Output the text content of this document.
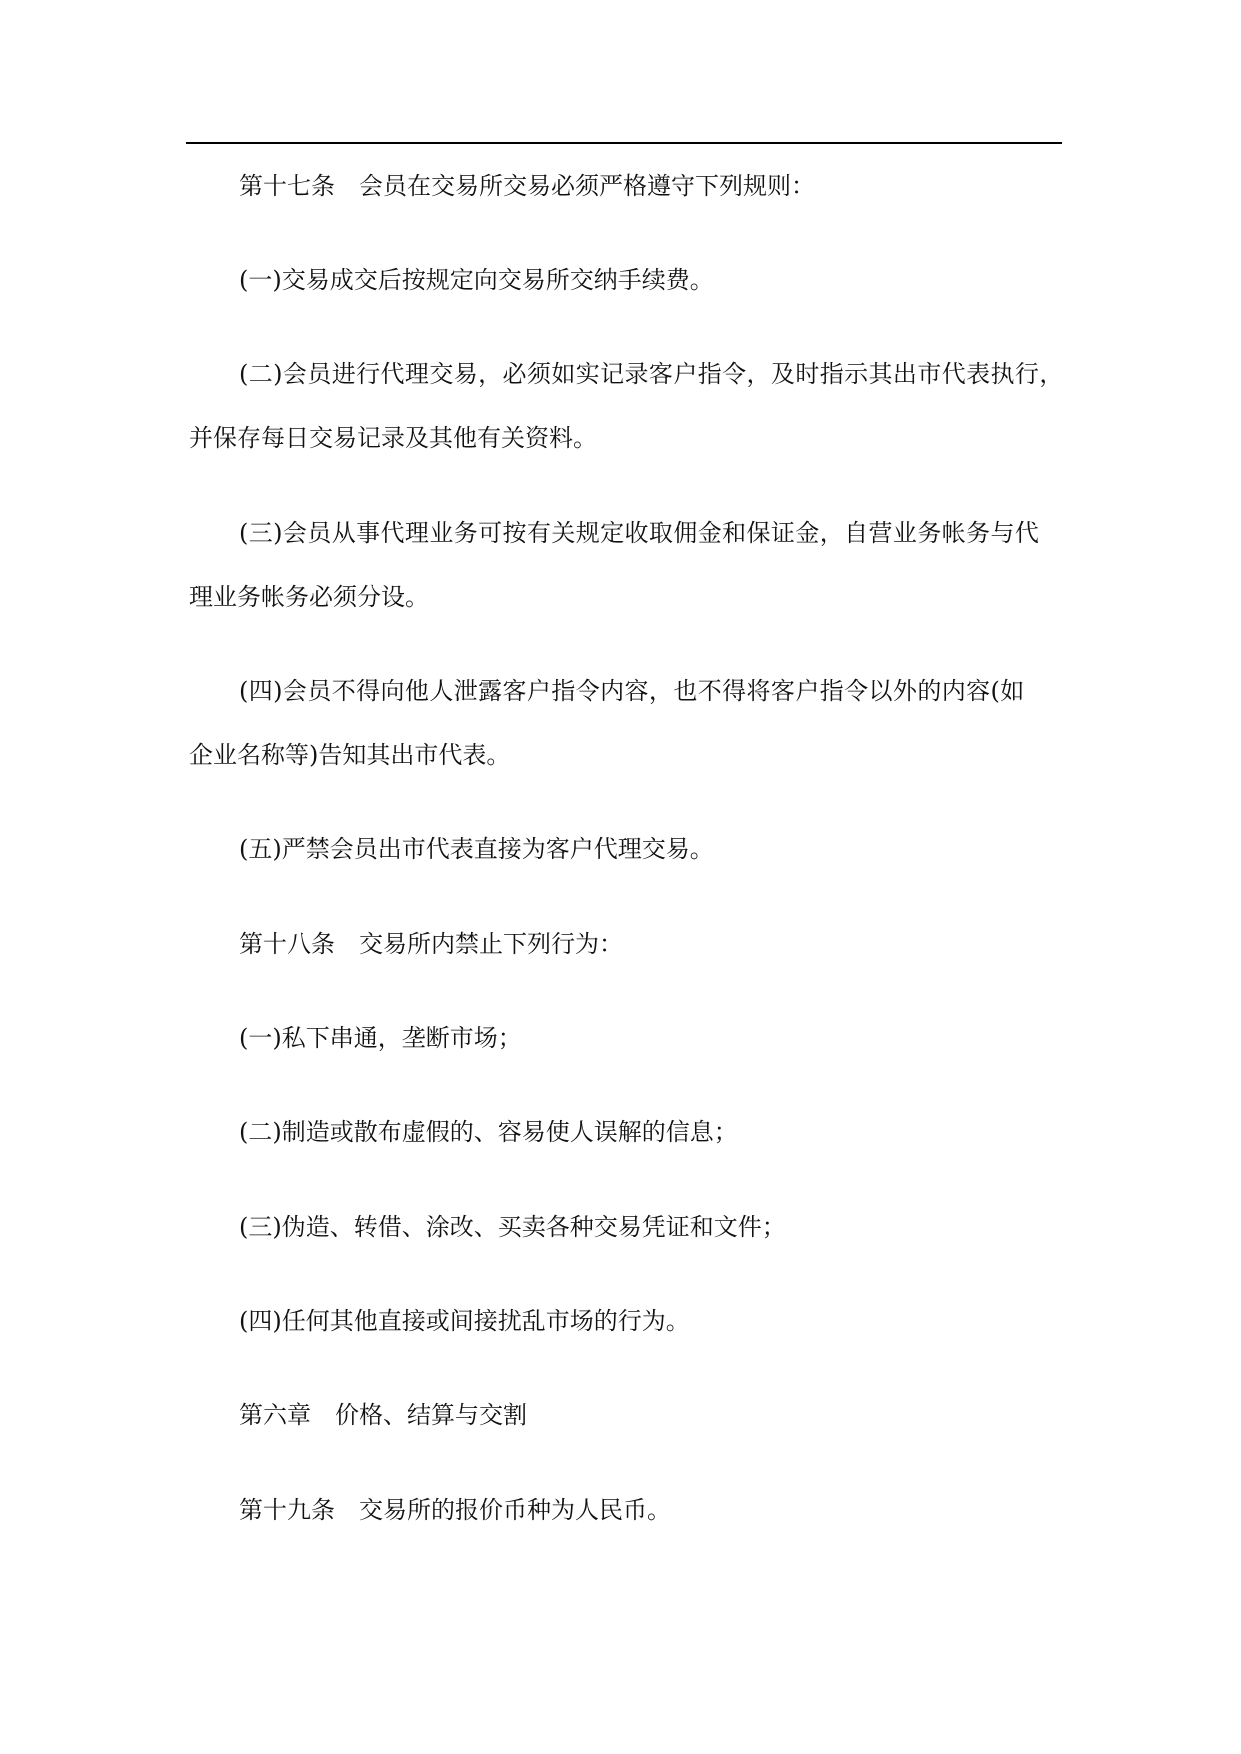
第十七条　会员在交易所交易必须严格遵守下列规则：
(一)交易成交后按规定向交易所交纳手续费。
(二)会员进行代理交易，必须如实记录客户指令，及时指示其出市代表执行，
并保存每日交易记录及其他有关资料。
(三)会员从事代理业务可按有关规定收取佣金和保证金，自营业务帐务与代
理业务帐务必须分设。
(四)会员不得向他人泄露客户指令内容，也不得将客户指令以外的内容(如
企业名称等)告知其出市代表。
(五)严禁会员出市代表直接为客户代理交易。
第十八条　交易所内禁止下列行为：
(一)私下串通，垄断市场；
(二)制造或散布虚假的、容易使人误解的信息；
(三)伪造、转借、涂改、买卖各种交易凭证和文件；
(四)任何其他直接或间接扰乱市场的行为。
第六章　价格、结算与交割
第十九条　交易所的报价币种为人民币。
